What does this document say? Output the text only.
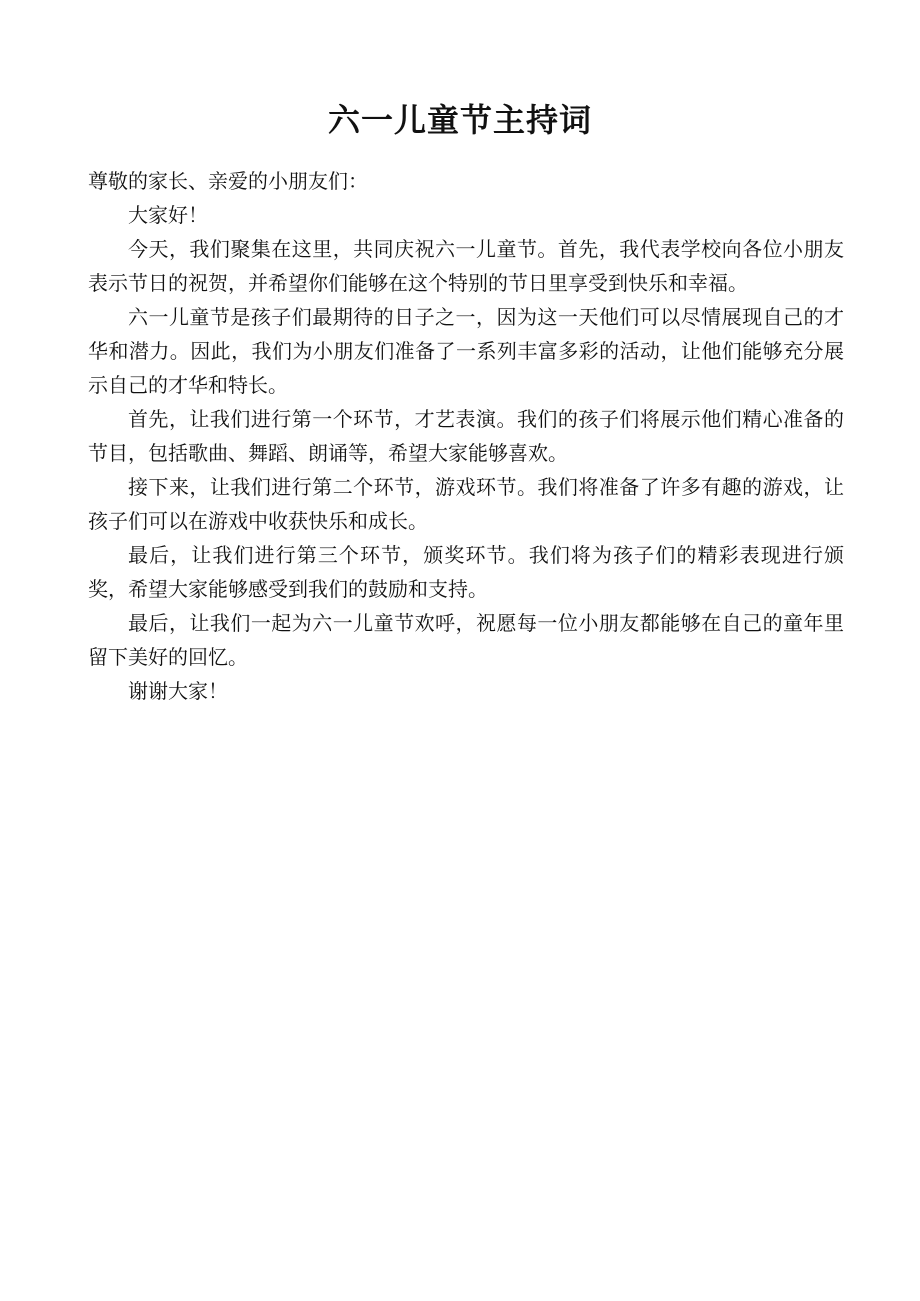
六一儿童节主持词

尊敬的家长、亲爱的小朋友们：

大家好！

今天，我们聚集在这里，共同庆祝六一儿童节。首先，我代表学校向各位小朋友表示节日的祝贺，并希望你们能够在这个特别的节日里享受到快乐和幸福。

六一儿童节是孩子们最期待的日子之一，因为这一天他们可以尽情展现自己的才华和潜力。因此，我们为小朋友们准备了一系列丰富多彩的活动，让他们能够充分展示自己的才华和特长。

首先，让我们进行第一个环节，才艺表演。我们的孩子们将展示他们精心准备的节目，包括歌曲、舞蹈、朗诵等，希望大家能够喜欢。

接下来，让我们进行第二个环节，游戏环节。我们将准备了许多有趣的游戏，让孩子们可以在游戏中收获快乐和成长。

最后，让我们进行第三个环节，颁奖环节。我们将为孩子们的精彩表现进行颁奖，希望大家能够感受到我们的鼓励和支持。

最后，让我们一起为六一儿童节欢呼，祝愿每一位小朋友都能够在自己的童年里留下美好的回忆。

谢谢大家！
